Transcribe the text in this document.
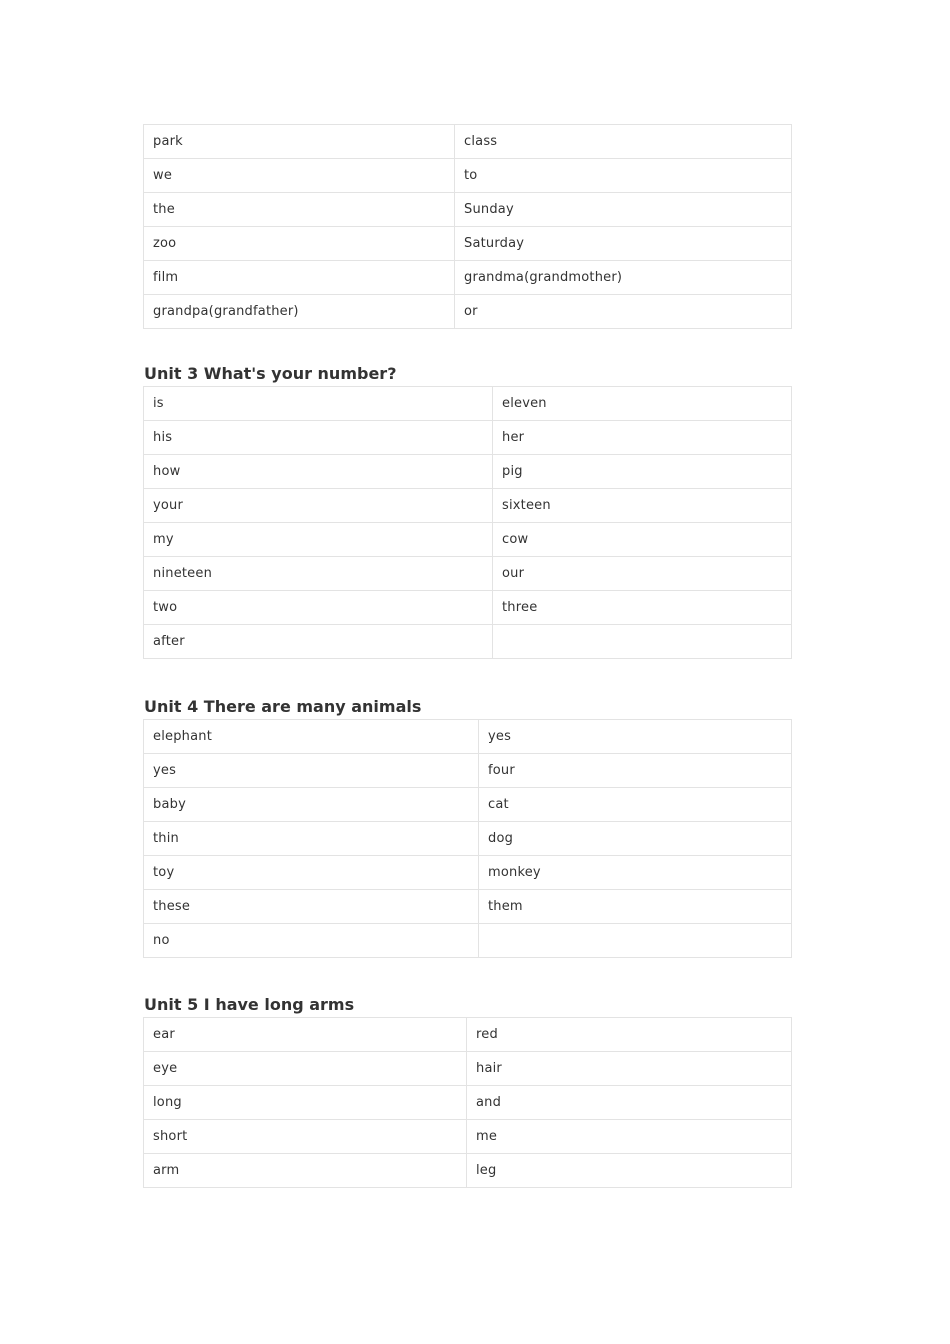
park	class
we	to
the	Sunday
zoo	Saturday
film	grandma(grandmother)
grandpa(grandfather)	or
Unit 3 What's your number?
is	eleven
his	her
how	pig
your	sixteen
my	cow
nineteen	our
two	three
after	
Unit 4 There are many animals
elephant	yes
yes	four
baby	cat
thin	dog
toy	monkey
these	them
no	
Unit 5 I have long arms
ear	red
eye	hair
long	and
short	me
arm	leg
